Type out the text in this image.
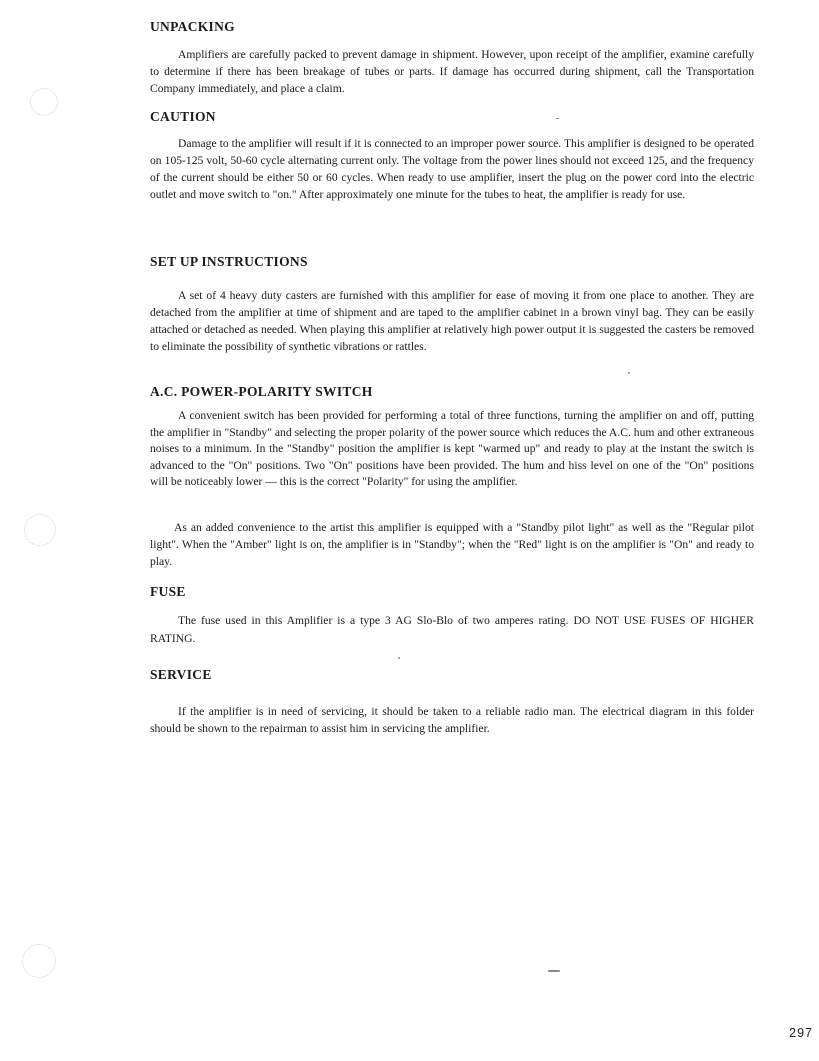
UNPACKING

Amplifiers are carefully packed to prevent damage in shipment. However, upon receipt of the amplifier, examine carefully to determine if there has been breakage of tubes or parts. If damage has occurred during shipment, call the Transportation Company immediately, and place a claim.

CAUTION

Damage to the amplifier will result if it is connected to an improper power source. This amplifier is designed to be operated on 105-125 volt, 50-60 cycle alternating current only. The voltage from the power lines should not exceed 125, and the frequency of the current should be either 50 or 60 cycles. When ready to use amplifier, insert the plug on the power cord into the electric outlet and move switch to "on." After approximately one minute for the tubes to heat, the amplifier is ready for use.

SET UP INSTRUCTIONS

A set of 4 heavy duty casters are furnished with this amplifier for ease of moving it from one place to another. They are detached from the amplifier at time of shipment and are taped to the amplifier cabinet in a brown vinyl bag. They can be easily attached or detached as needed. When playing this amplifier at relatively high power output it is suggested the casters be removed to eliminate the possibility of synthetic vibrations or rattles.

A.C. POWER-POLARITY SWITCH

A convenient switch has been provided for performing a total of three functions, turning the amplifier on and off, putting the amplifier in "Standby" and selecting the proper polarity of the power source which reduces the A.C. hum and other extraneous noises to a minimum. In the "Standby" position the amplifier is kept "warmed up" and ready to play at the instant the switch is advanced to the "On" positions. Two "On" positions have been provided. The hum and hiss level on one of the "On" positions will be noticeably lower — this is the correct "Polarity" for using the amplifier.

As an added convenience to the artist this amplifier is equipped with a "Standby pilot light" as well as the "Regular pilot light". When the "Amber" light is on, the amplifier is in "Standby"; when the "Red" light is on the amplifier is "On" and ready to play.

FUSE

The fuse used in this Amplifier is a type 3 AG Slo-Blo of two amperes rating. DO NOT USE FUSES OF HIGHER RATING.

SERVICE

If the amplifier is in need of servicing, it should be taken to a reliable radio man. The electrical diagram in this folder should be shown to the repairman to assist him in servicing the amplifier.

297
